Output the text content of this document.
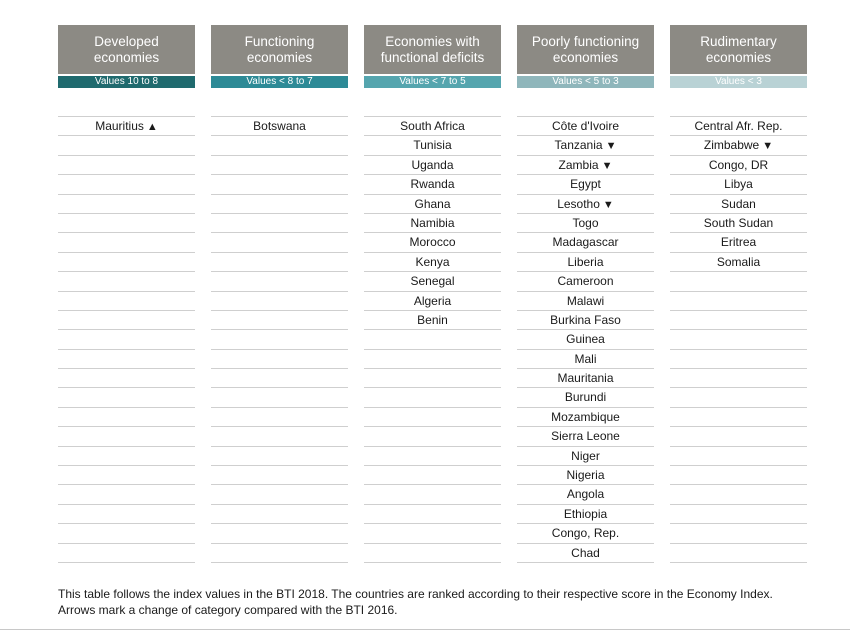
Developed
economies
Values 10 to 8
Mauritius ▲
Functioning
economies
Values < 8 to 7
Botswana
Economies with
functional deficits
Values < 7 to 5
South Africa
Tunisia
Uganda
Rwanda
Ghana
Namibia
Morocco
Kenya
Senegal
Algeria
Benin
Poorly functioning
economies
Values < 5 to 3
Côte d'Ivoire
Tanzania ▼
Zambia ▼
Egypt
Lesotho ▼
Togo
Madagascar
Liberia
Cameroon
Malawi
Burkina Faso
Guinea
Mali
Mauritania
Burundi
Mozambique
Sierra Leone
Niger
Nigeria
Angola
Ethiopia
Congo, Rep.
Chad
Rudimentary
economies
Values < 3
Central Afr. Rep.
Zimbabwe ▼
Congo, DR
Libya
Sudan
South Sudan
Eritrea
Somalia
This table follows the index values in the BTI 2018. The countries are ranked according to their respective score in the Economy Index.
Arrows mark a change of category compared with the BTI 2016.
